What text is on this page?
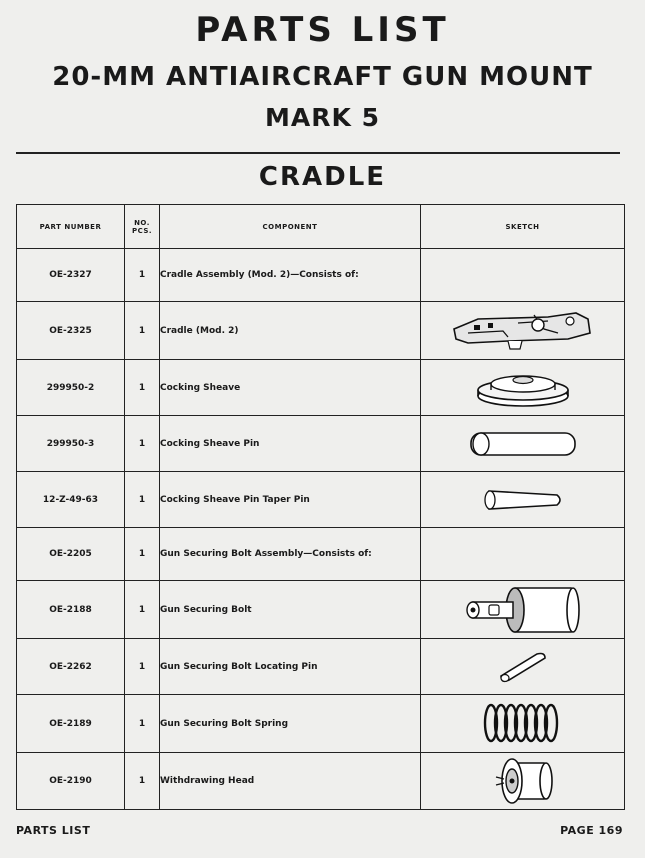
PARTS LIST
20-MM ANTIAIRCRAFT GUN MOUNT
MARK 5
CRADLE
PART NUMBER	NO. PCS.	COMPONENT	SKETCH
OE-2327	1	Cradle Assembly (Mod. 2)—Consists of:	
OE-2325	1	Cradle (Mod. 2)	

299950-2	1	Cocking Sheave	

299950-3	1	Cocking Sheave Pin	

12-Z-49-63	1	Cocking Sheave Pin Taper Pin	

OE-2205	1	Gun Securing Bolt Assembly—Consists of:	
OE-2188	1	Gun Securing Bolt	

OE-2262	1	Gun Securing Bolt Locating Pin	

OE-2189	1	Gun Securing Bolt Spring	

OE-2190	1	Withdrawing Head	
PARTS LIST	PAGE 169
